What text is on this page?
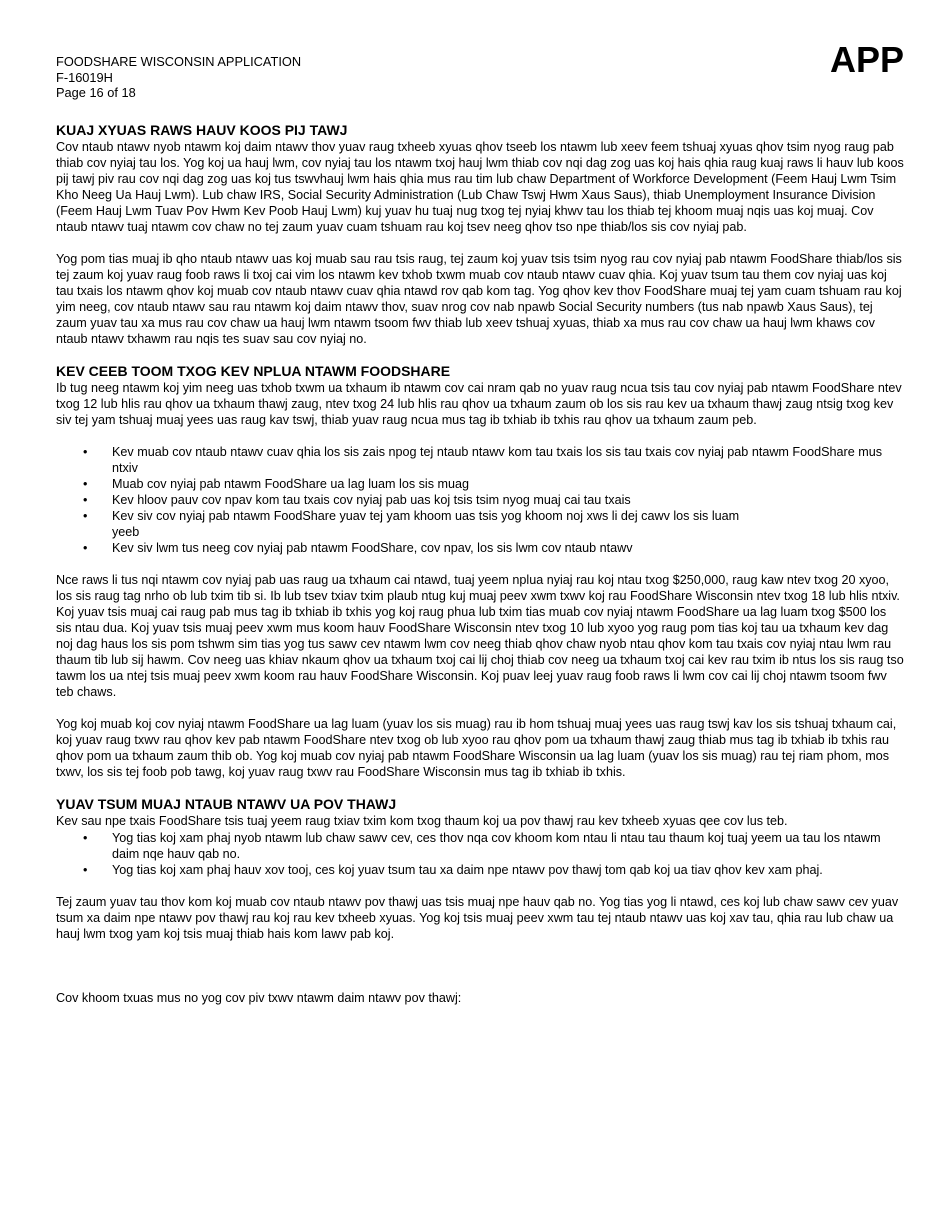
FOODSHARE WISCONSIN APPLICATION
F-16019H
Page 16 of 18
APP
KUAJ XYUAS RAWS HAUV KOOS PIJ TAWJ

Cov ntaub ntawv nyob ntawm koj daim ntawv thov yuav raug txheeb xyuas qhov tseeb los ntawm lub xeev feem tshuaj xyuas qhov tsim nyog raug pab thiab cov nyiaj tau los. Yog koj ua hauj lwm, cov nyiaj tau los ntawm txoj hauj lwm thiab cov nqi dag zog uas koj hais qhia raug kuaj raws li hauv lub koos pij tawj piv rau cov nqi dag zog uas koj tus tswvhauj lwm hais qhia mus rau tim lub chaw Department of Workforce Development (Feem Hauj Lwm Tsim Kho Neeg Ua Hauj Lwm). Lub chaw IRS, Social Security Administration (Lub Chaw Tswj Hwm Xaus Saus), thiab Unemployment Insurance Division (Feem Hauj Lwm Tuav Pov Hwm Kev Poob Hauj Lwm) kuj yuav hu tuaj nug txog tej nyiaj khwv tau los thiab tej khoom muaj nqis uas koj muaj. Cov ntaub ntawv tuaj ntawm cov chaw no tej zaum yuav cuam tshuam rau koj tsev neeg qhov tso npe thiab/los sis cov nyiaj pab.

Yog pom tias muaj ib qho ntaub ntawv uas koj muab sau rau tsis raug, tej zaum koj yuav tsis tsim nyog rau cov nyiaj pab ntawm FoodShare thiab/los sis tej zaum koj yuav raug foob raws li txoj cai vim los ntawm kev txhob txwm muab cov ntaub ntawv cuav qhia. Koj yuav tsum tau them cov nyiaj uas koj tau txais los ntawm qhov koj muab cov ntaub ntawv cuav qhia ntawd rov qab kom tag. Yog qhov kev thov FoodShare muaj tej yam cuam tshuam rau koj yim neeg, cov ntaub ntawv sau rau ntawm koj daim ntawv thov, suav nrog cov nab npawb Social Security numbers (tus nab npawb Xaus Saus), tej zaum yuav tau xa mus rau cov chaw ua hauj lwm ntawm tsoom fwv thiab lub xeev tshuaj xyuas, thiab xa mus rau cov chaw ua hauj lwm khaws cov ntaub ntawv txhawm rau nqis tes suav sau cov nyiaj no.

KEV CEEB TOOM TXOG KEV NPLUA NTAWM FOODSHARE

Ib tug neeg ntawm koj yim neeg uas txhob txwm ua txhaum ib ntawm cov cai nram qab no yuav raug ncua tsis tau cov nyiaj pab ntawm FoodShare ntev txog 12 lub hlis rau qhov ua txhaum thawj zaug, ntev txog 24 lub hlis rau qhov ua txhaum zaum ob los sis rau kev ua txhaum thawj zaug ntsig txog kev siv tej yam tshuaj muaj yees uas raug kav tswj, thiab yuav raug ncua mus tag ib txhiab ib txhis rau qhov ua txhaum zaum peb.

• Kev muab cov ntaub ntawv cuav qhia los sis zais npog tej ntaub ntawv kom tau txais los sis tau txais cov nyiaj pab ntawm FoodShare mus ntxiv
• Muab cov nyiaj pab ntawm FoodShare ua lag luam los sis muag
• Kev hloov pauv cov npav kom tau txais cov nyiaj pab uas koj tsis tsim nyog muaj cai tau txais
• Kev siv cov nyiaj pab ntawm FoodShare yuav tej yam khoom uas tsis yog khoom noj xws li dej cawv los sis luam yeeb
• Kev siv lwm tus neeg cov nyiaj pab ntawm FoodShare, cov npav, los sis lwm cov ntaub ntawv

Nce raws li tus nqi ntawm cov nyiaj pab uas raug ua txhaum cai ntawd, tuaj yeem nplua nyiaj rau koj ntau txog $250,000, raug kaw ntev txog 20 xyoo, los sis raug tag nrho ob lub txim tib si. Ib lub tsev txiav txim plaub ntug kuj muaj peev xwm txwv koj rau FoodShare Wisconsin ntev txog 18 lub hlis ntxiv. Koj yuav tsis muaj cai raug pab mus tag ib txhiab ib txhis yog koj raug phua lub txim tias muab cov nyiaj ntawm FoodShare ua lag luam txog $500 los sis ntau dua. Koj yuav tsis muaj peev xwm mus koom hauv FoodShare Wisconsin ntev txog 10 lub xyoo yog raug pom tias koj tau ua txhaum kev dag noj dag haus los sis pom tshwm sim tias yog tus sawv cev ntawm lwm cov neeg thiab qhov chaw nyob ntau qhov kom tau txais cov nyiaj ntau lwm rau thaum tib lub sij hawm. Cov neeg uas khiav nkaum qhov ua txhaum txoj cai lij choj thiab cov neeg ua txhaum txoj cai kev rau txim ib ntus los sis raug tso tawm los ua ntej tsis muaj peev xwm koom rau hauv FoodShare Wisconsin. Koj puav leej yuav raug foob raws li lwm cov cai lij choj ntawm tsoom fwv teb chaws.

Yog koj muab koj cov nyiaj ntawm FoodShare ua lag luam (yuav los sis muag) rau ib hom tshuaj muaj yees uas raug tswj kav los sis tshuaj txhaum cai, koj yuav raug txwv rau qhov kev pab ntawm FoodShare ntev txog ob lub xyoo rau qhov pom ua txhaum thawj zaug thiab mus tag ib txhiab ib txhis rau qhov pom ua txhaum zaum thib ob. Yog koj muab cov nyiaj pab ntawm FoodShare Wisconsin ua lag luam (yuav los sis muag) rau tej riam phom, mos txwv, los sis tej foob pob tawg, koj yuav raug txwv rau FoodShare Wisconsin mus tag ib txhiab ib txhis.

YUAV TSUM MUAJ NTAUB NTAWV UA POV THAWJ

Kev sau npe txais FoodShare tsis tuaj yeem raug txiav txim kom txog thaum koj ua pov thawj rau kev txheeb xyuas qee cov lus teb.

• Yog tias koj xam phaj nyob ntawm lub chaw sawv cev, ces thov nqa cov khoom kom ntau li ntau tau thaum koj tuaj yeem ua tau los ntawm daim nqe hauv qab no.
• Yog tias koj xam phaj hauv xov tooj, ces koj yuav tsum tau xa daim npe ntawv pov thawj tom qab koj ua tiav qhov kev xam phaj.

Tej zaum yuav tau thov kom koj muab cov ntaub ntawv pov thawj uas tsis muaj npe hauv qab no. Yog tias yog li ntawd, ces koj lub chaw sawv cev yuav tsum xa daim npe ntawv pov thawj rau koj rau kev txheeb xyuas. Yog koj tsis muaj peev xwm tau tej ntaub ntawv uas koj xav tau, qhia rau lub chaw ua hauj lwm txog yam koj tsis muaj thiab hais kom lawv pab koj.

Cov khoom txuas mus no yog cov piv txwv ntawm daim ntawv pov thawj:
